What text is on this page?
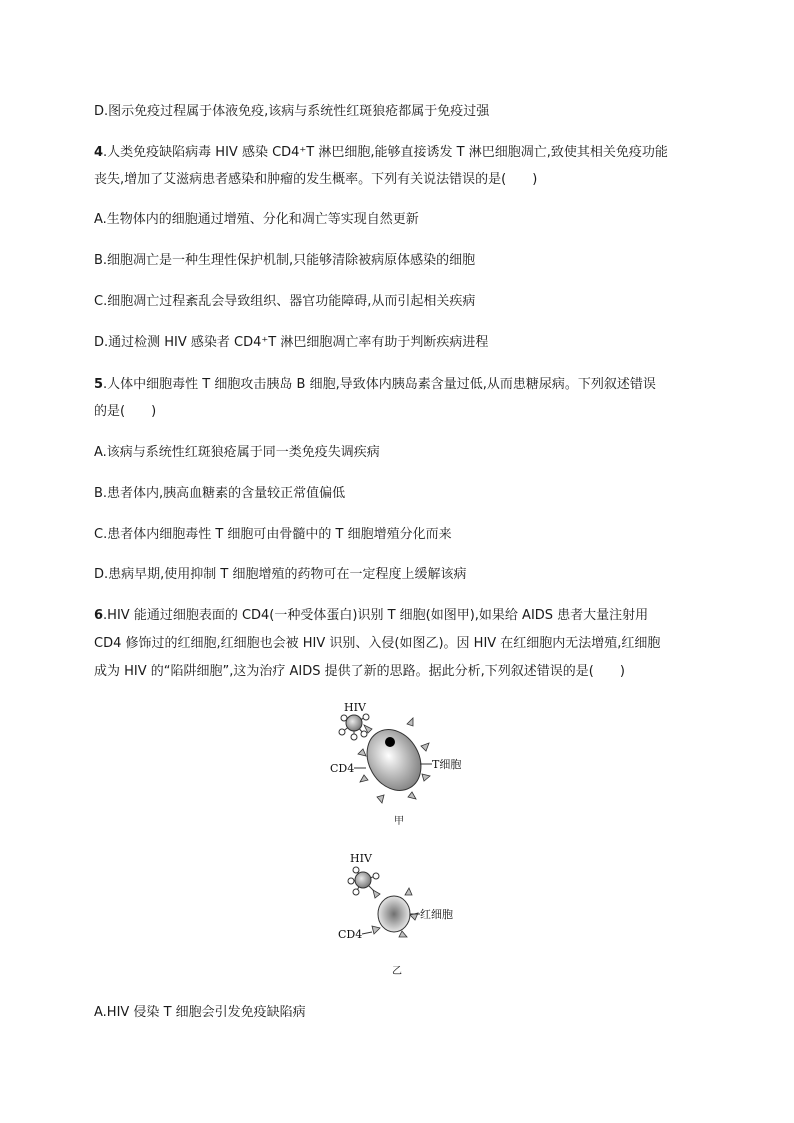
D.图示免疫过程属于体液免疫,该病与系统性红斑狼疮都属于免疫过强
4.人类免疫缺陷病毒 HIV 感染 CD4⁺T 淋巴细胞,能够直接诱发 T 淋巴细胞凋亡,致使其相关免疫功能
丧失,增加了艾滋病患者感染和肿瘤的发生概率。下列有关说法错误的是(　　)
A.生物体内的细胞通过增殖、分化和凋亡等实现自然更新
B.细胞凋亡是一种生理性保护机制,只能够清除被病原体感染的细胞
C.细胞凋亡过程紊乱会导致组织、器官功能障碍,从而引起相关疾病
D.通过检测 HIV 感染者 CD4⁺T 淋巴细胞凋亡率有助于判断疾病进程
5.人体中细胞毒性 T 细胞攻击胰岛 B 细胞,导致体内胰岛素含量过低,从而患糖尿病。下列叙述错误
的是(　　)
A.该病与系统性红斑狼疮属于同一类免疫失调疾病
B.患者体内,胰高血糖素的含量较正常值偏低
C.患者体内细胞毒性 T 细胞可由骨髓中的 T 细胞增殖分化而来
D.患病早期,使用抑制 T 细胞增殖的药物可在一定程度上缓解该病
6.HIV 能通过细胞表面的 CD4(一种受体蛋白)识别 T 细胞(如图甲),如果给 AIDS 患者大量注射用
CD4 修饰过的红细胞,红细胞也会被 HIV 识别、入侵(如图乙)。因 HIV 在红细胞内无法增殖,红细胞
成为 HIV 的“陷阱细胞”,这为治疗 AIDS 提供了新的思路。据此分析,下列叙述错误的是(　　)
HIV
CD4	T细胞
甲
HIV
红细胞
CD4
乙
A.HIV 侵染 T 细胞会引发免疫缺陷病
